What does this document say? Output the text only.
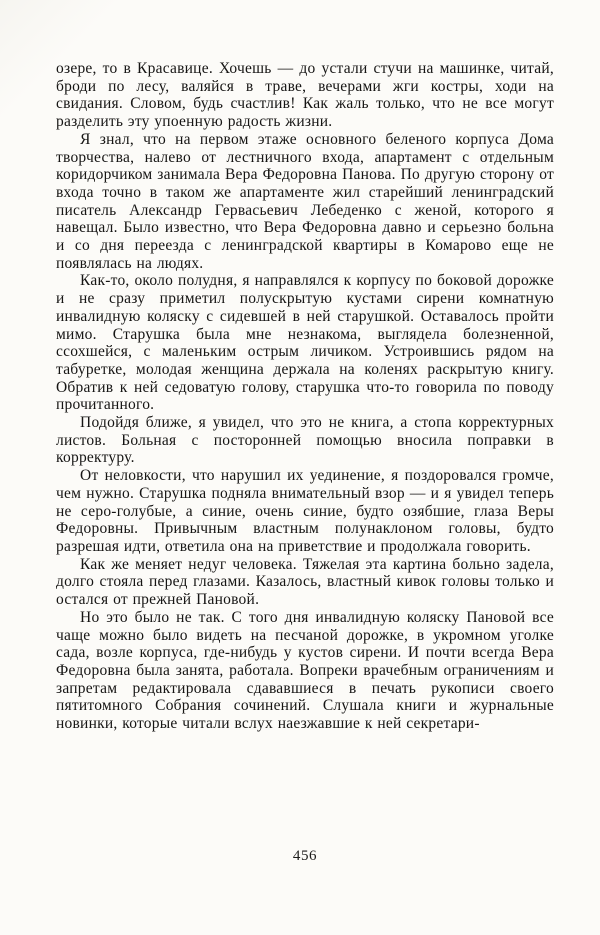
озере, то в Красавице. Хочешь — до устали стучи на машинке, читай, броди по лесу, валяйся в траве, вечерами жги костры, ходи на свидания. Словом, будь счастлив! Как жаль только, что не все могут разделить эту упоенную радость жизни.

Я знал, что на первом этаже основного беленого корпуса Дома творчества, налево от лестничного входа, апартамент с отдельным коридорчиком занимала Вера Федоровна Панова. По другую сторону от входа точно в таком же апартаменте жил старейший ленинградский писатель Александр Гервасьевич Лебеденко с женой, которого я навещал. Было известно, что Вера Федоровна давно и серьезно больна и со дня переезда с ленинградской квартиры в Комарово еще не появлялась на людях.

Как-то, около полудня, я направлялся к корпусу по боковой дорожке и не сразу приметил полускрытую кустами сирени комнатную инвалидную коляску с сидевшей в ней старушкой. Оставалось пройти мимо. Старушка была мне незнакома, выглядела болезненной, ссохшейся, с маленьким острым личиком. Устроившись рядом на табуретке, молодая женщина держала на коленях раскрытую книгу. Обратив к ней седоватую голову, старушка что-то говорила по поводу прочитанного.

Подойдя ближе, я увидел, что это не книга, а стопа корректурных листов. Больная с посторонней помощью вносила поправки в корректуру.

От неловкости, что нарушил их уединение, я поздоровался громче, чем нужно. Старушка подняла внимательный взор — и я увидел теперь не серо-голубые, а синие, очень синие, будто озябшие, глаза Веры Федоровны. Привычным властным полунаклоном головы, будто разрешая идти, ответила она на приветствие и продолжала говорить.

Как же меняет недуг человека. Тяжелая эта картина больно задела, долго стояла перед глазами. Казалось, властный кивок головы только и остался от прежней Пановой.

Но это было не так. С того дня инвалидную коляску Пановой все чаще можно было видеть на песчаной дорожке, в укромном уголке сада, возле корпуса, где-нибудь у кустов сирени. И почти всегда Вера Федоровна была занята, работала. Вопреки врачебным ограничениям и запретам редактировала сдававшиеся в печать рукописи своего пятитомного Собрания сочинений. Слушала книги и журнальные новинки, которые читали вслух наезжавшие к ней секретари-

456
